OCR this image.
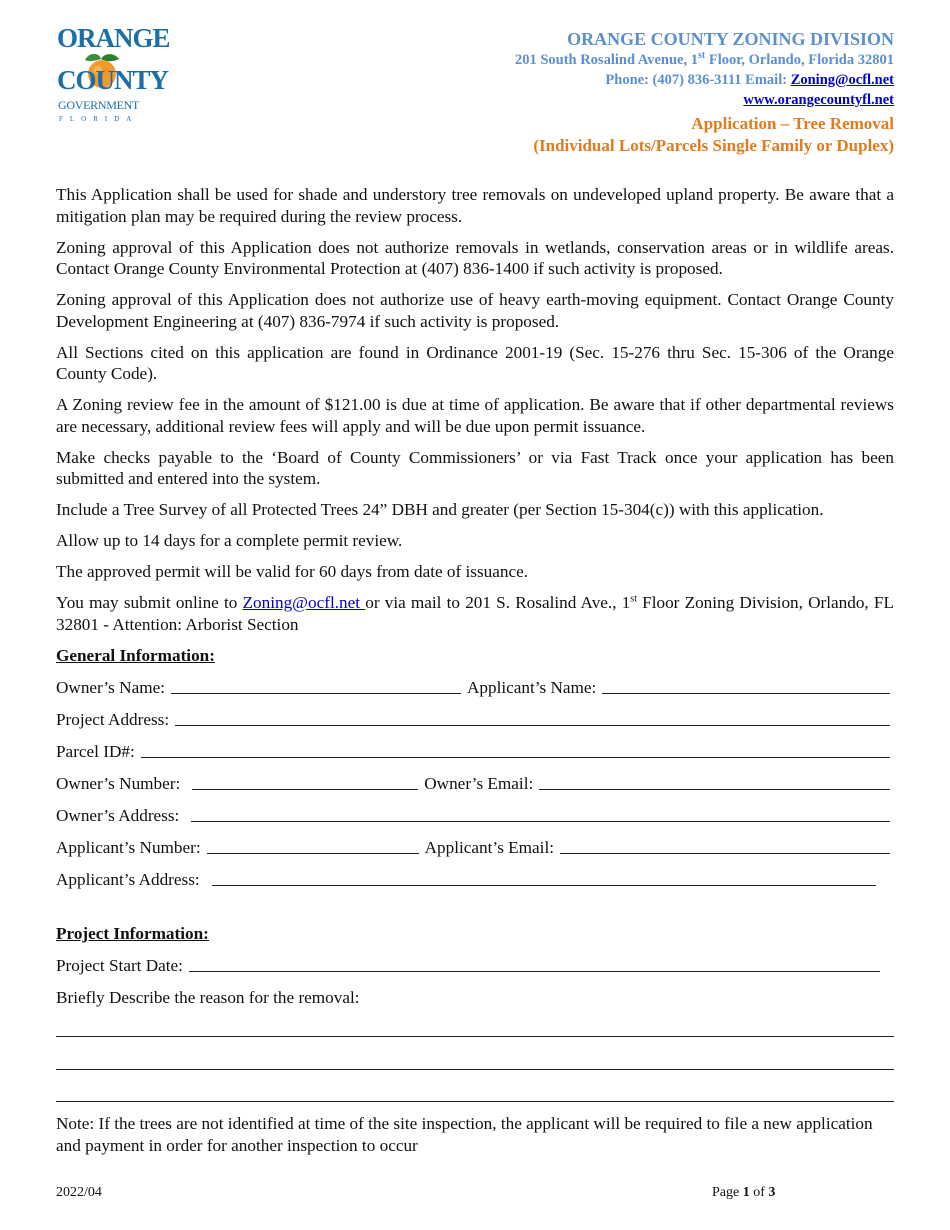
ORANGE
COUNTY
GOVERNMENT
FLORIDA
ORANGE COUNTY ZONING DIVISION
201 South Rosalind Avenue, 1st Floor, Orlando, Florida 32801
Phone: (407) 836-3111 Email: Zoning@ocfl.net
www.orangecountyfl.net
Application – Tree Removal
(Individual Lots/Parcels Single Family or Duplex)

This Application shall be used for shade and understory tree removals on undeveloped upland property. Be aware that a mitigation plan may be required during the review process.

Zoning approval of this Application does not authorize removals in wetlands, conservation areas or in wildlife areas. Contact Orange County Environmental Protection at (407) 836-1400 if such activity is proposed.

Zoning approval of this Application does not authorize use of heavy earth-moving equipment. Contact Orange County Development Engineering at (407) 836-7974 if such activity is proposed.

All Sections cited on this application are found in Ordinance 2001-19 (Sec. 15-276 thru Sec. 15-306 of the Orange County Code).

A Zoning review fee in the amount of $121.00 is due at time of application. Be aware that if other departmental reviews are necessary, additional review fees will apply and will be due upon permit issuance.

Make checks payable to the ‘Board of County Commissioners’ or via Fast Track once your application has been submitted and entered into the system.

Include a Tree Survey of all Protected Trees 24” DBH and greater (per Section 15-304(c)) with this application.

Allow up to 14 days for a complete permit review.

The approved permit will be valid for 60 days from date of issuance.

You may submit online to Zoning@ocfl.net or via mail to 201 S. Rosalind Ave., 1st Floor Zoning Division, Orlando, FL 32801 - Attention: Arborist Section

General Information:
Owner’s Name:	Applicant’s Name:
Project Address:
Parcel ID#:
Owner’s Number:	Owner’s Email:
Owner’s Address:
Applicant’s Number:	Applicant’s Email:
Applicant’s Address:
Project Information:
Project Start Date:
Briefly Describe the reason for the removal:
Note: If the trees are not identified at time of the site inspection, the applicant will be required to file a new application and payment in order for another inspection to occur
2022/04	Page 1 of 3
